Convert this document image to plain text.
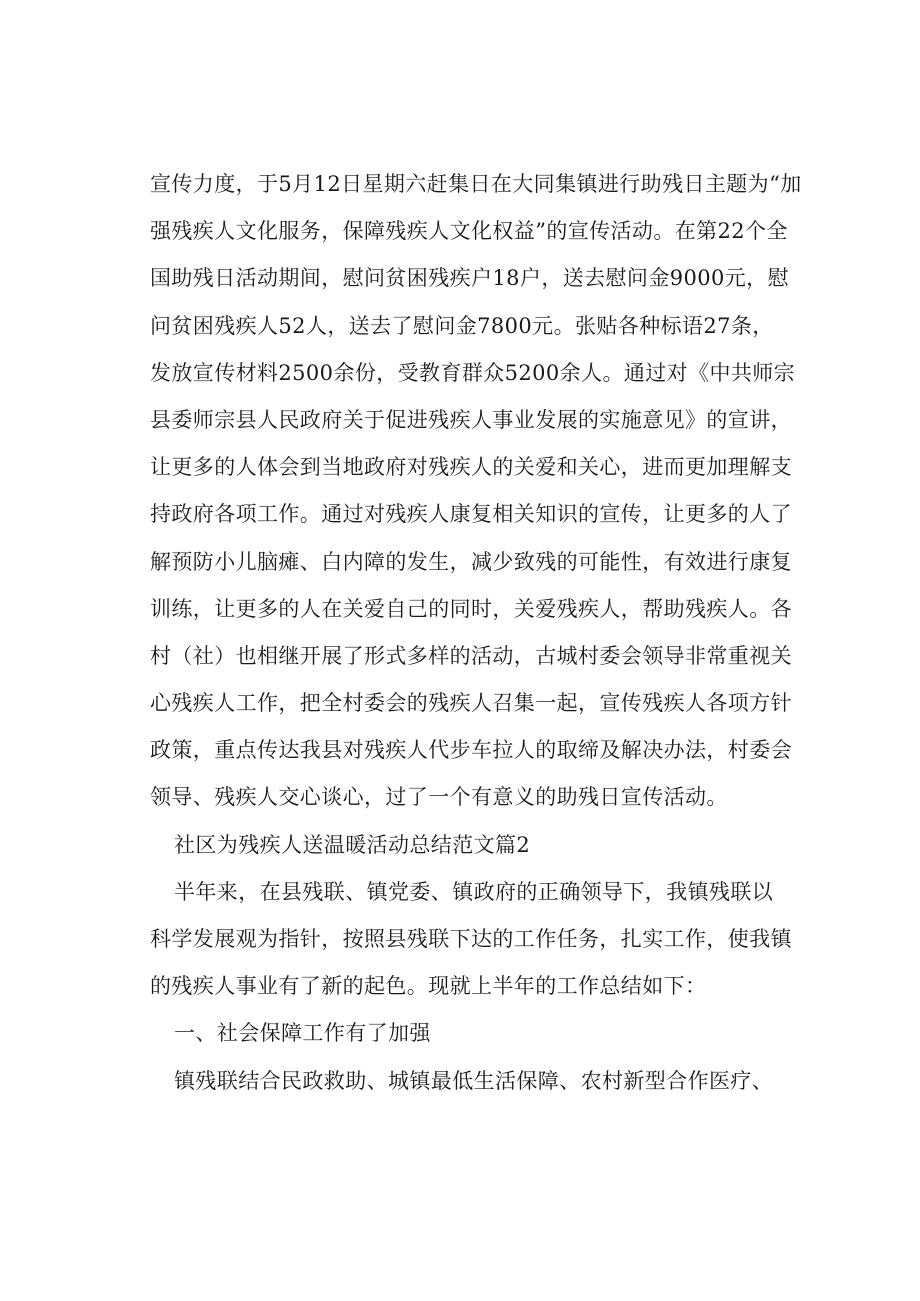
宣传力度，于5月12日星期六赶集日在大同集镇进行助残日主题为“加
强残疾人文化服务，保障残疾人文化权益”的宣传活动。在第22个全
国助残日活动期间，慰问贫困残疾户18户，送去慰问金9000元，慰
问贫困残疾人52人，送去了慰问金7800元。张贴各种标语27条，
发放宣传材料2500余份，受教育群众5200余人。通过对《中共师宗
县委师宗县人民政府关于促进残疾人事业发展的实施意见》的宣讲，
让更多的人体会到当地政府对残疾人的关爱和关心，进而更加理解支
持政府各项工作。通过对残疾人康复相关知识的宣传，让更多的人了
解预防小儿脑瘫、白内障的发生，减少致残的可能性，有效进行康复
训练，让更多的人在关爱自己的同时，关爱残疾人，帮助残疾人。各
村（社）也相继开展了形式多样的活动，古城村委会领导非常重视关
心残疾人工作，把全村委会的残疾人召集一起，宣传残疾人各项方针
政策，重点传达我县对残疾人代步车拉人的取缔及解决办法，村委会
领导、残疾人交心谈心，过了一个有意义的助残日宣传活动。
社区为残疾人送温暖活动总结范文篇2
半年来，在县残联、镇党委、镇政府的正确领导下，我镇残联以
科学发展观为指针，按照县残联下达的工作任务，扎实工作，使我镇
的残疾人事业有了新的起色。现就上半年的工作总结如下：
一、社会保障工作有了加强
镇残联结合民政救助、城镇最低生活保障、农村新型合作医疗、
